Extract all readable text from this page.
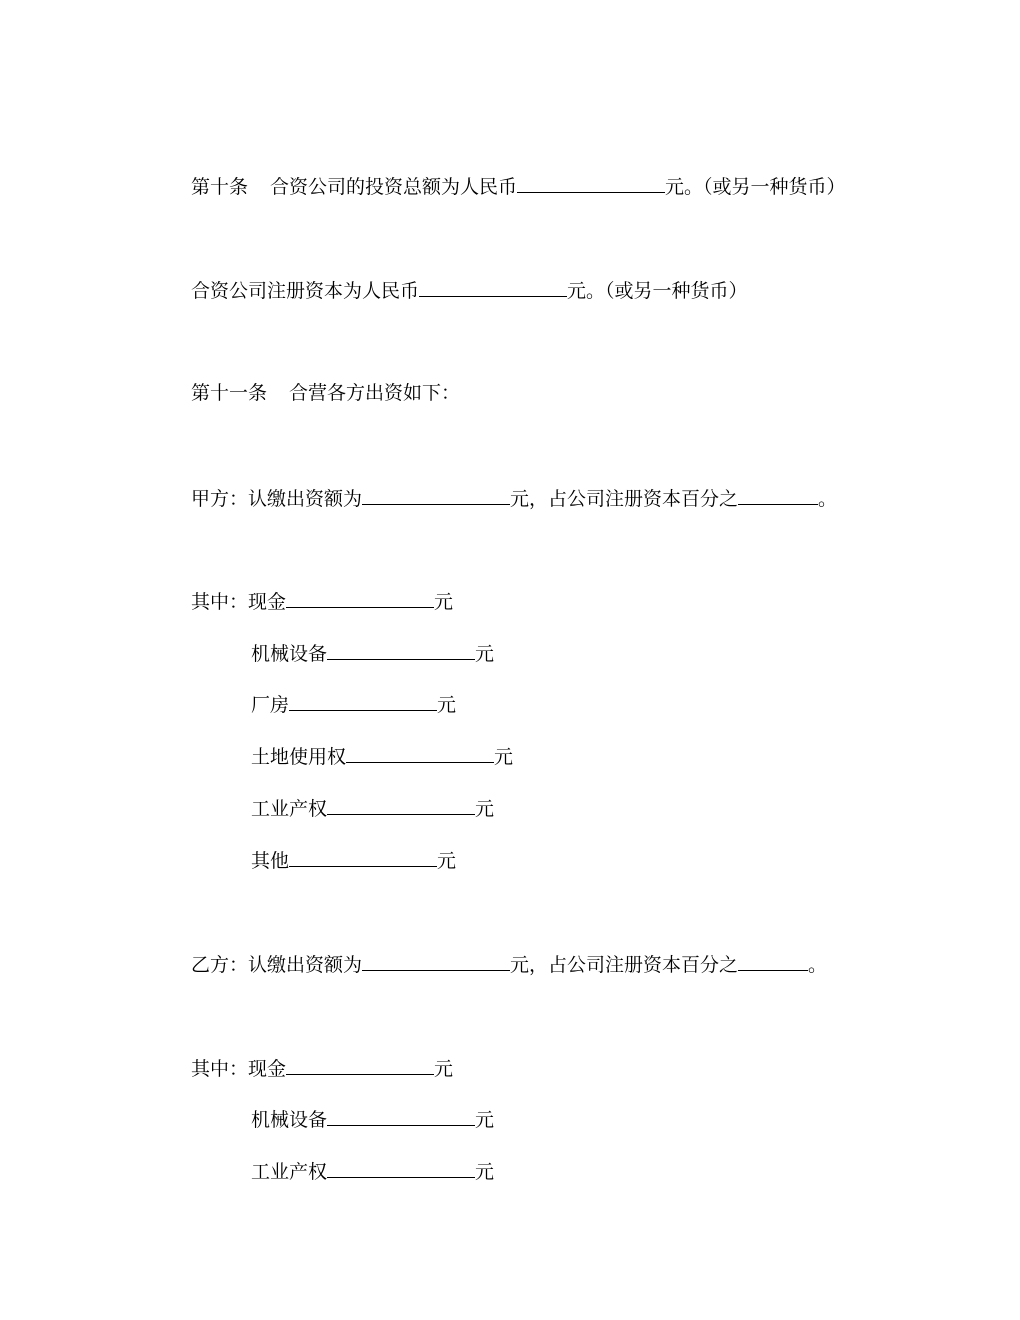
第十条 合资公司的投资总额为人民币	元。（或另一种货币）
合资公司注册资本为人民币	元。（或另一种货币）
第十一条 合营各方出资如下：
甲方：认缴出资额为	元，占公司注册资本百分之	。
其中：现金	元
机械设备	元
厂房	元
土地使用权	元
工业产权	元
其他	元
乙方：认缴出资额为	元，占公司注册资本百分之	。
其中：现金	元
机械设备	元
工业产权	元
